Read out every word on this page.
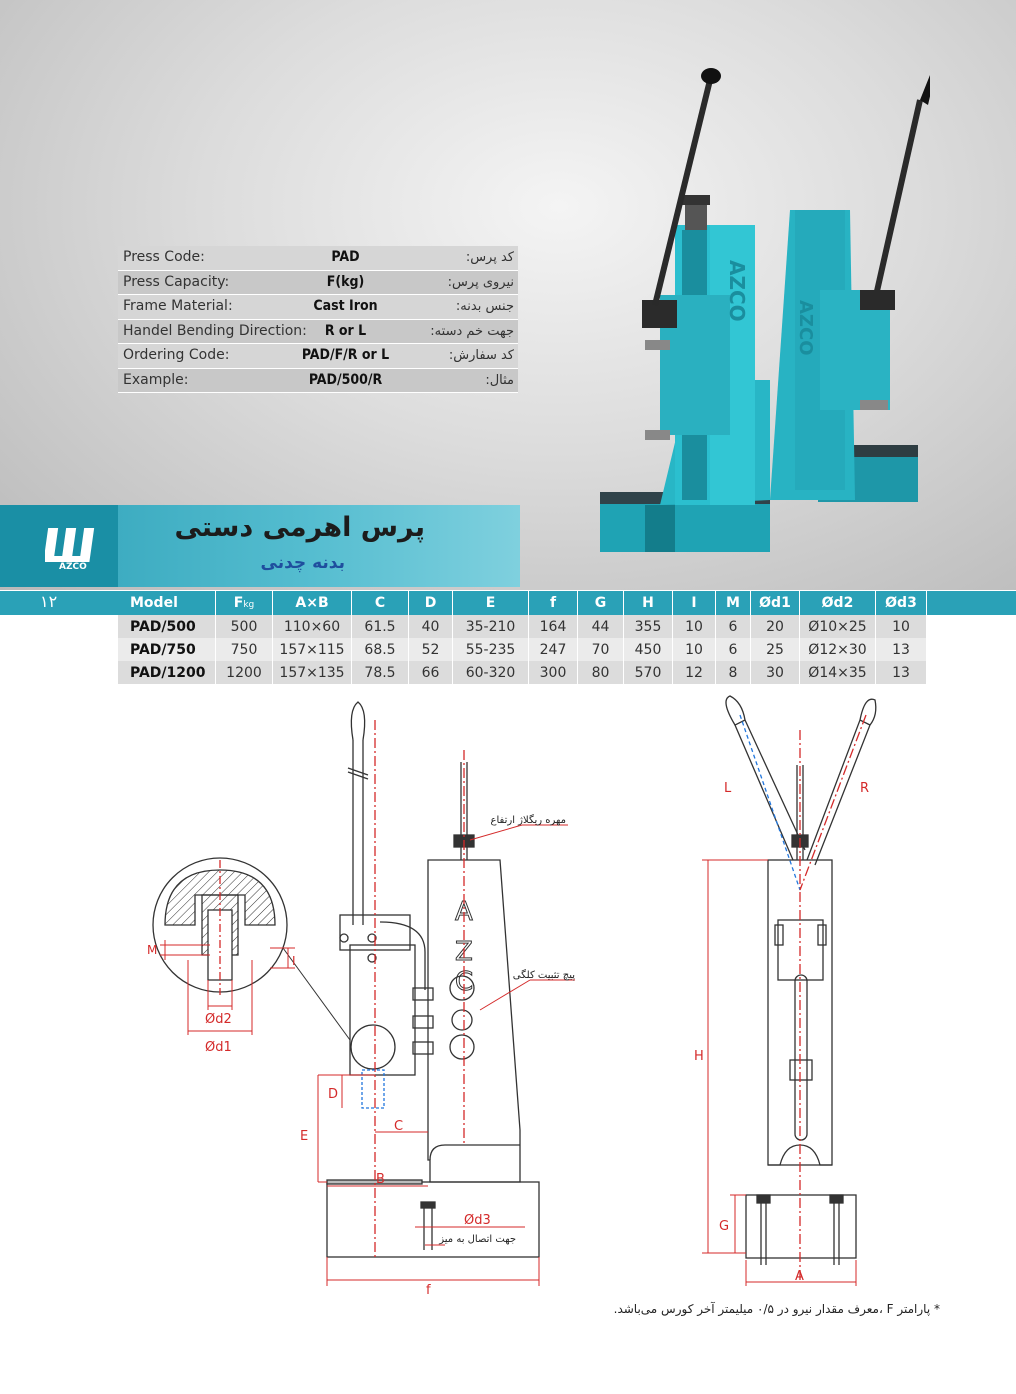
AZCO
AZCO
Press Code:	PAD	کد پرس:
Press Capacity:	F(kg)	نیروی پرس:
Frame Material:	Cast Iron	جنس بدنه:
Handel Bending Direction:	R or L	جهت خم دسته:
Ordering Code:	PAD/F/R or L	کد سفارش:
Example:	PAD/500/R	مثال:
AZCO
پرس اهرمی دستی
بدنه چدنی
۱۲	Model	Fkg	A×B	C	D	E	f	G	H	I	M	Ød1	Ød2	Ød3
PAD/500	500	110×60	61.5	40	35-210	164	44	355	10	6	20	Ø10×25	10
PAD/750	750	157×115	68.5	52	55-235	247	70	450	10	6	25	Ø12×30	13
PAD/1200	1200	157×135	78.5	66	60-320	300	80	570	12	8	30	Ø14×35	13
A
Z
C
M
I
Ød2
Ød1
D
E
C
B
Ød3
f
L	R
H
G
A
مهره ریگلاژ ارتفاع
پیچ تثبیت کلگی
جهت اتصال به میز
* پارامتر F ،معرف مقدار نیرو در ۰/۵ میلیمتر آخر کورس می‌باشد.
